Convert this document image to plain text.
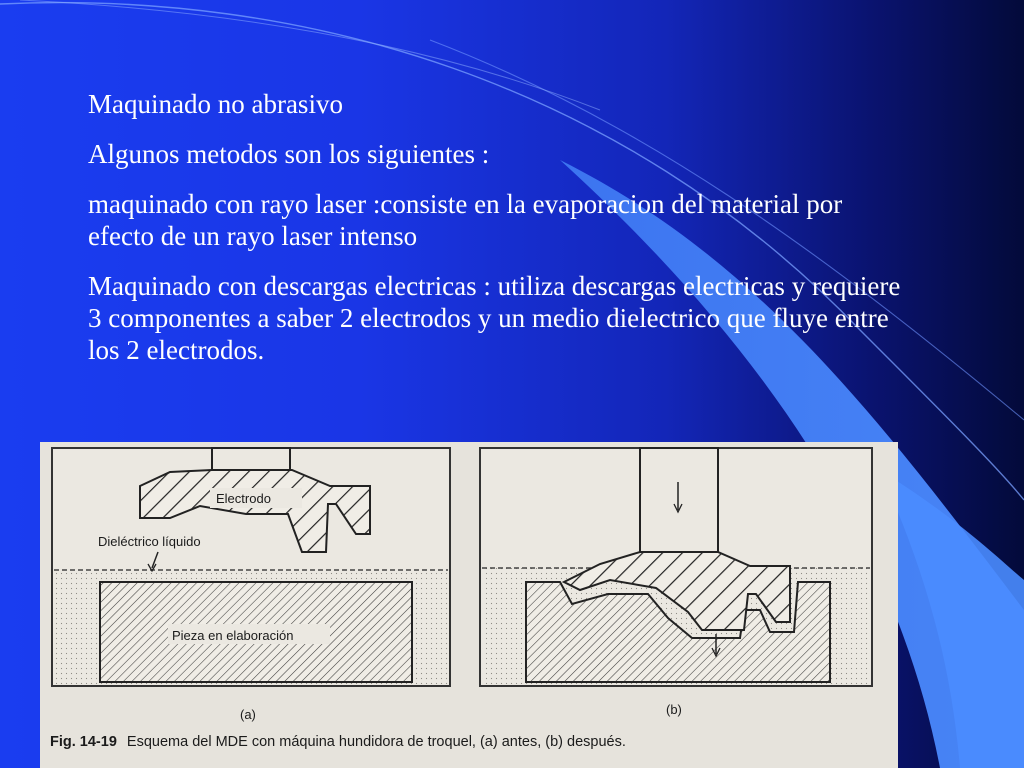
Maquinado no abrasivo

Algunos metodos son los siguientes :

maquinado con rayo laser :consiste en la evaporacion del material por efecto de un rayo laser intenso

Maquinado con descargas electricas : utiliza descargas electricas y requiere 3 componentes a saber 2 electrodos y un medio dielectrico que fluye entre los 2 electrodos.

Pieza en elaboración
Electrodo
Dieléctrico líquido
(a)	(b)
Fig. 14-19 Esquema del MDE con máquina hundidora de troquel, (a) antes, (b) después.
